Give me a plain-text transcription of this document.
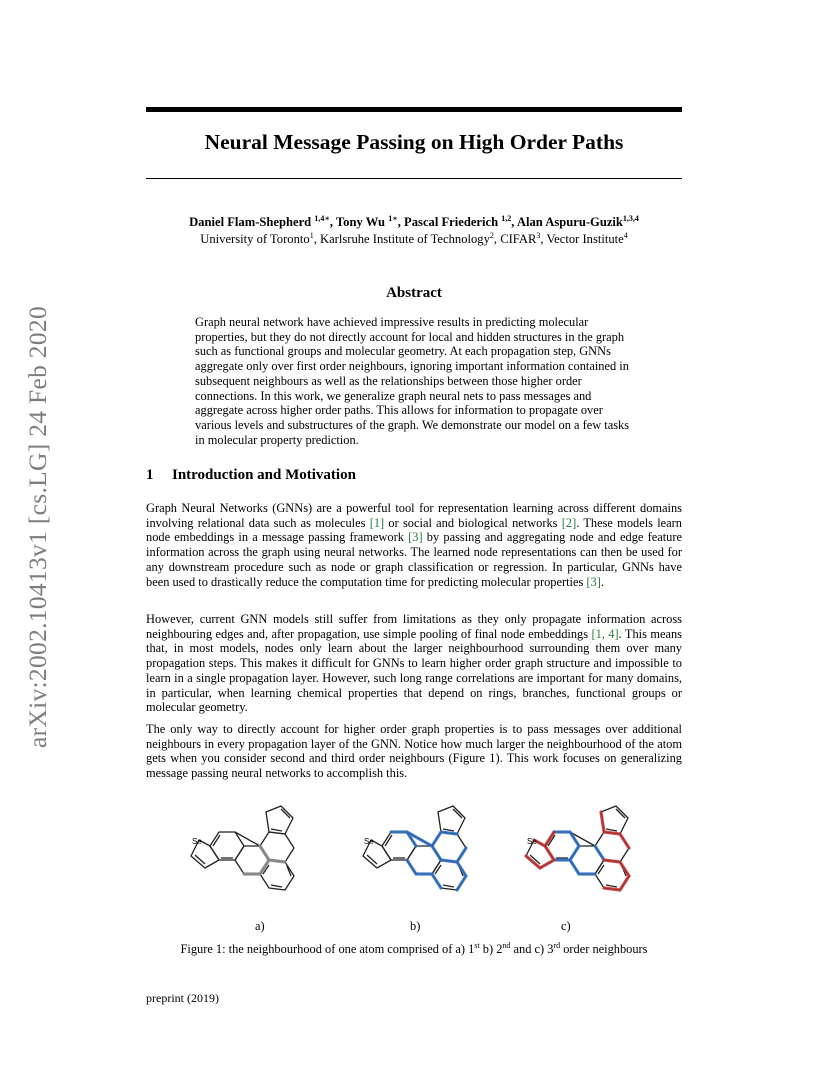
arXiv:2002.10413v1 [cs.LG] 24 Feb 2020
Neural Message Passing on High Order Paths
Daniel Flam-Shepherd $^{1,4∗}$, Tony Wu $^{1∗}$, Pascal Friederich $^{1,2}$, Alan Aspuru-Guzik$^{1,3,4}$
University of Toronto$^1$, Karlsruhe Institute of Technology$^2$, CIFAR$^3$, Vector Institute$^4$
Abstract
Graph neural network have achieved impressive results in predicting molecular properties, but they do not directly account for local and hidden structures in the graph such as functional groups and molecular geometry. At each propagation step, GNNs aggregate only over first order neighbours, ignoring important information contained in subsequent neighbours as well as the relationships between those higher order connections. In this work, we generalize graph neural nets to pass messages and aggregate across higher order paths. This allows for information to propagate over various levels and substructures of the graph. We demonstrate our model on a few tasks in molecular property prediction.
1 Introduction and Motivation
Graph Neural Networks (GNNs) are a powerful tool for representation learning across different domains involving relational data such as molecules [1] or social and biological networks [2]. These models learn node embeddings in a message passing framework [3] by passing and aggregating node and edge feature information across the graph using neural networks. The learned node representations can then be used for any downstream procedure such as node or graph classification or regression. In particular, GNNs have been used to drastically reduce the computation time for predicting molecular properties [3].
However, current GNN models still suffer from limitations as they only propagate information across neighbouring edges and, after propagation, use simple pooling of final node embeddings [1, 4]. This means that, in most models, nodes only learn about the larger neighbourhood surrounding them over many propagation steps. This makes it difficult for GNNs to learn higher order graph structure and impossible to learn in a single propagation layer. However, such long range correlations are important for many domains, in particular, when learning chemical properties that depend on rings, branches, functional groups or molecular geometry.
The only way to directly account for higher order graph properties is to pass messages over additional neighbours in every propagation layer of the GNN. Notice how much larger the neighbourhood of the atom gets when you consider second and third order neighbours (Figure 1). This work focuses on generalizing message passing neural networks to accomplish this.
Se	Se	Se
a)	b)	c)
Figure 1: the neighbourhood of one atom comprised of a) 1st b) 2nd and c) 3rd order neighbours
preprint (2019)
